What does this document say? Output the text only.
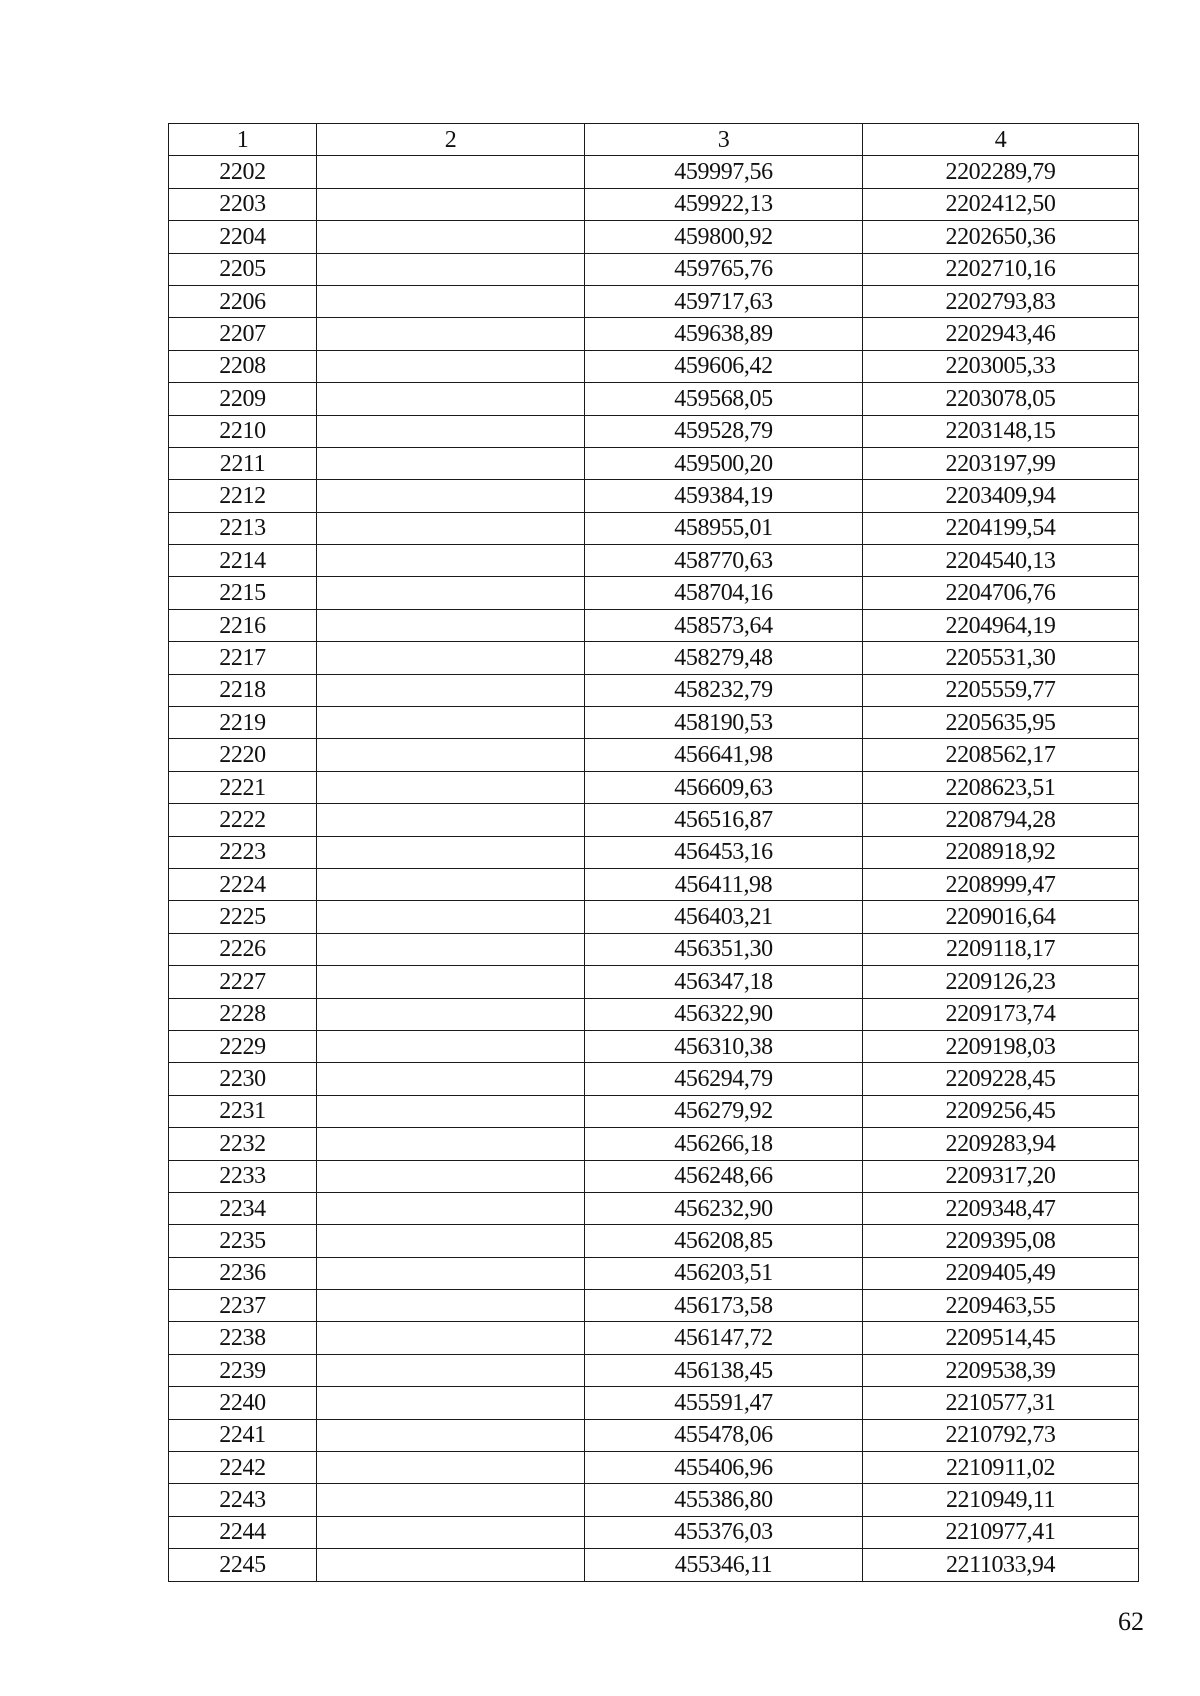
1	2	3	4
2202		459997,56	2202289,79
2203		459922,13	2202412,50
2204		459800,92	2202650,36
2205		459765,76	2202710,16
2206		459717,63	2202793,83
2207		459638,89	2202943,46
2208		459606,42	2203005,33
2209		459568,05	2203078,05
2210		459528,79	2203148,15
2211		459500,20	2203197,99
2212		459384,19	2203409,94
2213		458955,01	2204199,54
2214		458770,63	2204540,13
2215		458704,16	2204706,76
2216		458573,64	2204964,19
2217		458279,48	2205531,30
2218		458232,79	2205559,77
2219		458190,53	2205635,95
2220		456641,98	2208562,17
2221		456609,63	2208623,51
2222		456516,87	2208794,28
2223		456453,16	2208918,92
2224		456411,98	2208999,47
2225		456403,21	2209016,64
2226		456351,30	2209118,17
2227		456347,18	2209126,23
2228		456322,90	2209173,74
2229		456310,38	2209198,03
2230		456294,79	2209228,45
2231		456279,92	2209256,45
2232		456266,18	2209283,94
2233		456248,66	2209317,20
2234		456232,90	2209348,47
2235		456208,85	2209395,08
2236		456203,51	2209405,49
2237		456173,58	2209463,55
2238		456147,72	2209514,45
2239		456138,45	2209538,39
2240		455591,47	2210577,31
2241		455478,06	2210792,73
2242		455406,96	2210911,02
2243		455386,80	2210949,11
2244		455376,03	2210977,41
2245		455346,11	2211033,94
62
